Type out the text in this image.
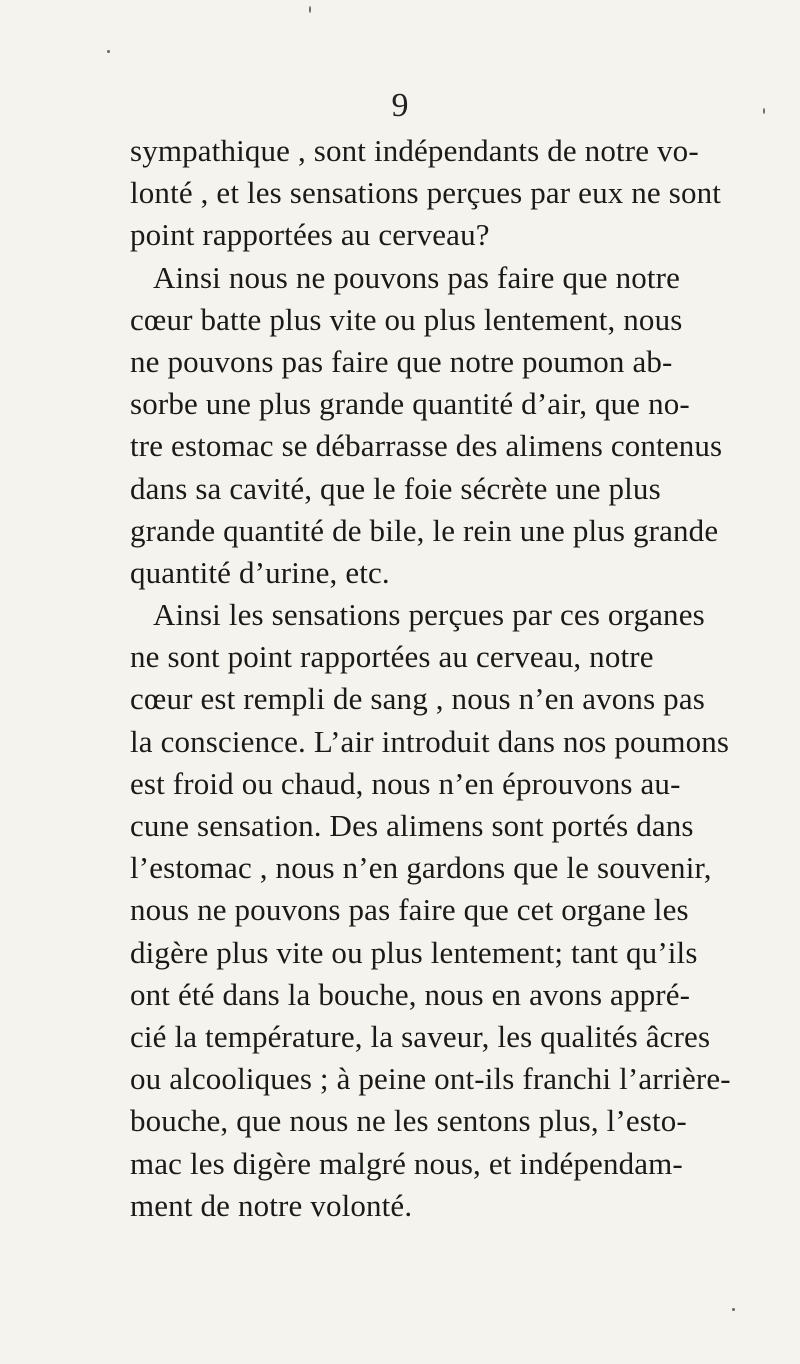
9
sympathique , sont indépendants de notre vo-
lonté , et les sensations perçues par eux ne sont
point rapportées au cerveau?
Ainsi nous ne pouvons pas faire que notre
cœur batte plus vite ou plus lentement, nous
ne pouvons pas faire que notre poumon ab-
sorbe une plus grande quantité d’air, que no-
tre estomac se débarrasse des alimens contenus
dans sa cavité, que le foie sécrète une plus
grande quantité de bile, le rein une plus grande
quantité d’urine, etc.
Ainsi les sensations perçues par ces organes
ne sont point rapportées au cerveau, notre
cœur est rempli de sang , nous n’en avons pas
la conscience. L’air introduit dans nos poumons
est froid ou chaud, nous n’en éprouvons au-
cune sensation. Des alimens sont portés dans
l’estomac , nous n’en gardons que le souvenir,
nous ne pouvons pas faire que cet organe les
digère plus vite ou plus lentement; tant qu’ils
ont été dans la bouche, nous en avons appré-
cié la température, la saveur, les qualités âcres
ou alcooliques ; à peine ont-ils franchi l’arrière-
bouche, que nous ne les sentons plus, l’esto-
mac les digère malgré nous, et indépendam-
ment de notre volonté.
